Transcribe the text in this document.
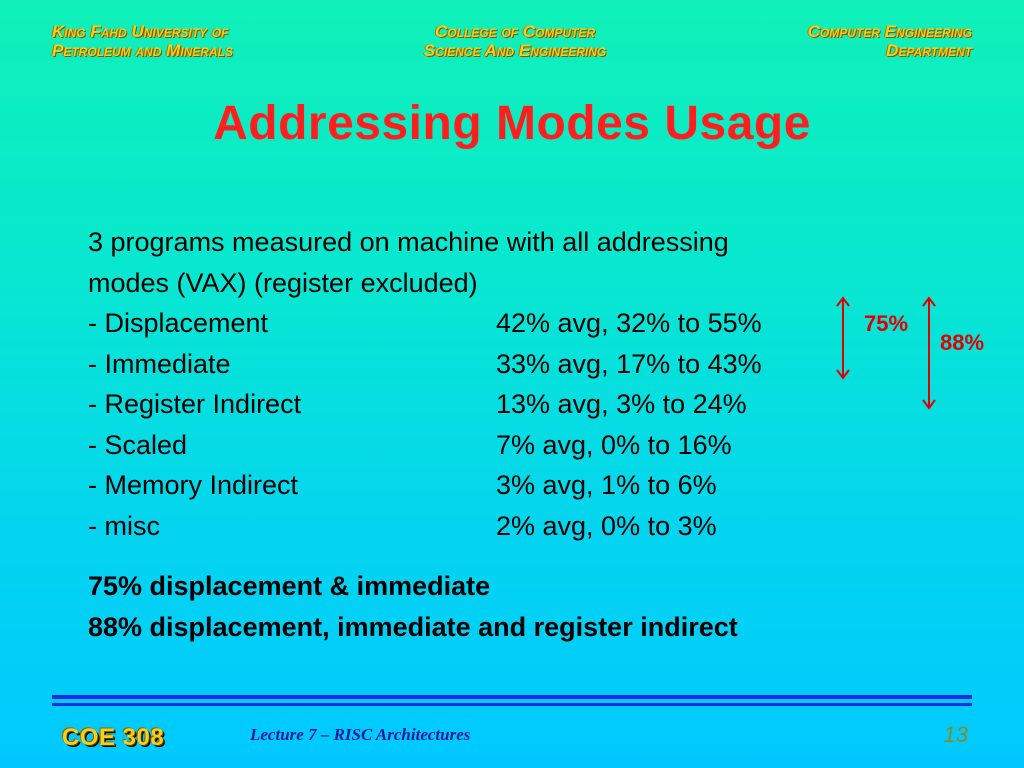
King Fahd University of
Petroleum and Minerals
College of Computer
Science And Engineering
Computer Engineering
Department
Addressing Modes Usage
3 programs measured on machine with all addressing
modes (VAX) (register excluded)
- Displacement	42% avg, 32% to 55%
- Immediate	33% avg, 17% to 43%
- Register Indirect	13% avg, 3% to 24%
- Scaled	7% avg, 0% to 16%
- Memory Indirect	3% avg, 1% to 6%
- misc	2% avg, 0% to 3%
75%
88%
75% displacement & immediate
88% displacement, immediate and register indirect
COE 308	Lecture 7 – RISC Architectures	13
